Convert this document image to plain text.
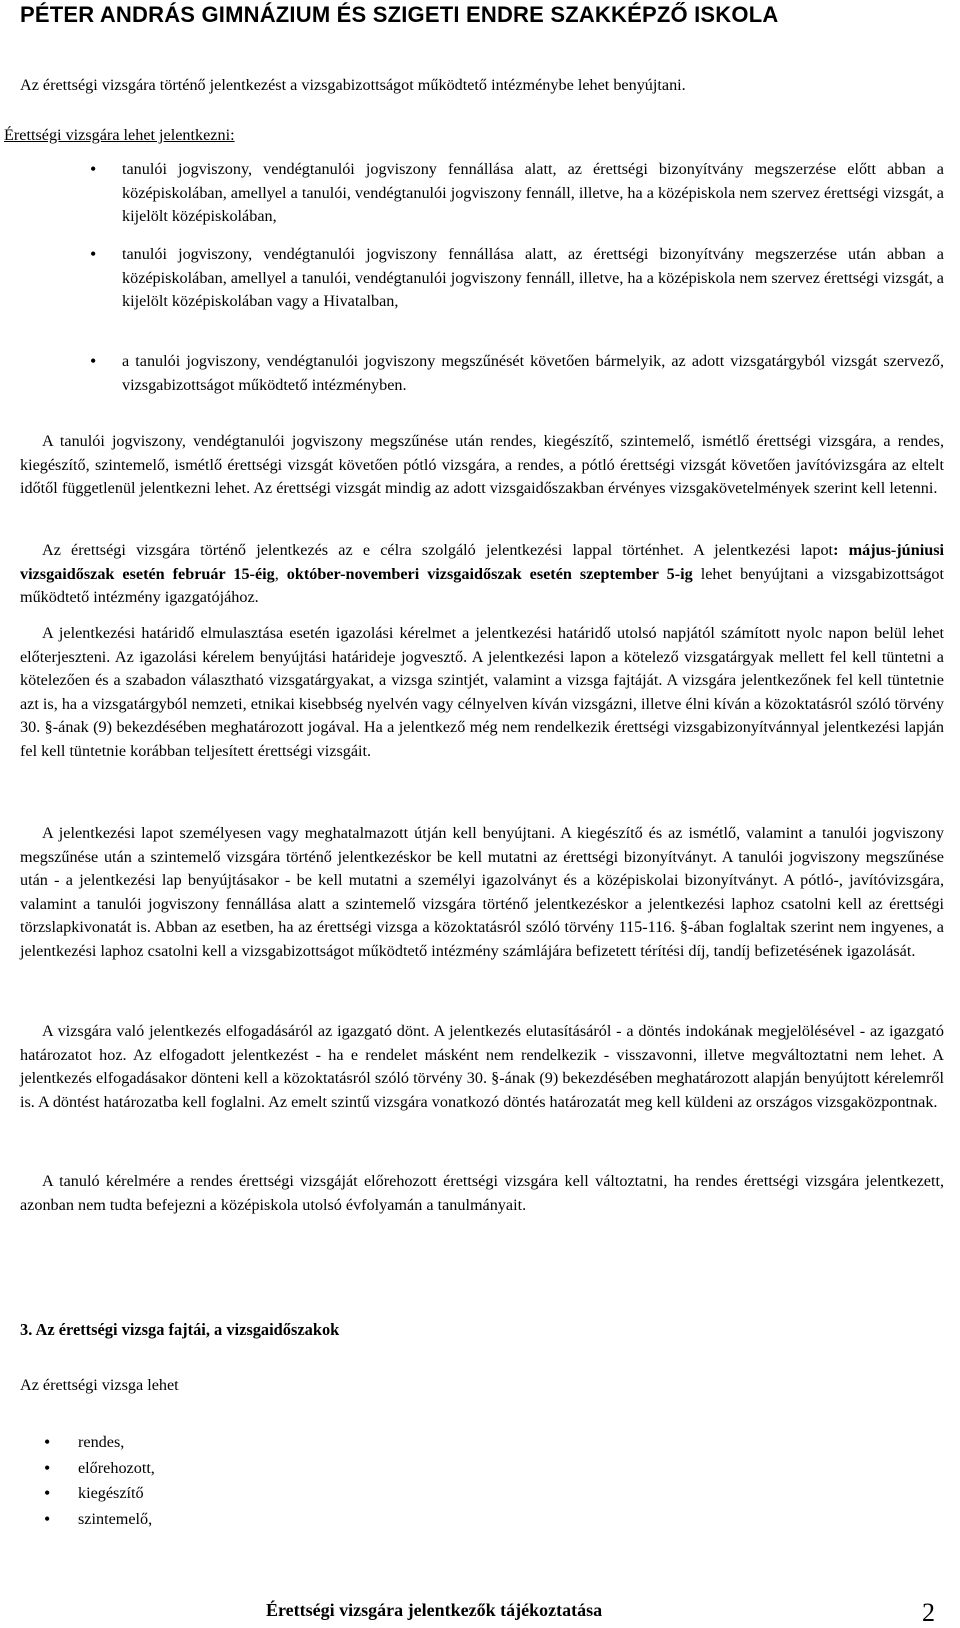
PÉTER ANDRÁS GIMNÁZIUM ÉS SZIGETI ENDRE SZAKKÉPZŐ ISKOLA
Az érettségi vizsgára történő jelentkezést a vizsgabizottságot működtető intézménybe lehet benyújtani.
Érettségi vizsgára lehet jelentkezni:
• tanulói jogviszony, vendégtanulói jogviszony fennállása alatt, az érettségi bizonyítvány megszerzése előtt abban a középiskolában, amellyel a tanulói, vendégtanulói jogviszony fennáll, illetve, ha a középiskola nem szervez érettségi vizsgát, a kijelölt középiskolában,
• tanulói jogviszony, vendégtanulói jogviszony fennállása alatt, az érettségi bizonyítvány megszerzése után abban a középiskolában, amellyel a tanulói, vendégtanulói jogviszony fennáll, illetve, ha a középiskola nem szervez érettségi vizsgát, a kijelölt középiskolában vagy a Hivatalban,
• a tanulói jogviszony, vendégtanulói jogviszony megszűnését követően bármelyik, az adott vizsgatárgyból vizsgát szervező, vizsgabizottságot működtető intézményben.
A tanulói jogviszony, vendégtanulói jogviszony megszűnése után rendes, kiegészítő, szintemelő, ismétlő érettségi vizsgára, a rendes, kiegészítő, szintemelő, ismétlő érettségi vizsgát követően pótló vizsgára, a rendes, a pótló érettségi vizsgát követően javítóvizsgára az eltelt időtől függetlenül jelentkezni lehet. Az érettségi vizsgát mindig az adott vizsgaidőszakban érvényes vizsgakövetelmények szerint kell letenni.
Az érettségi vizsgára történő jelentkezés az e célra szolgáló jelentkezési lappal történhet. A jelentkezési lapot: május-júniusi vizsgaidőszak esetén február 15-éig, október-novemberi vizsgaidőszak esetén szeptember 5-ig lehet benyújtani a vizsgabizottságot működtető intézmény igazgatójához.
A jelentkezési határidő elmulasztása esetén igazolási kérelmet a jelentkezési határidő utolsó napjától számított nyolc napon belül lehet előterjeszteni. Az igazolási kérelem benyújtási határideje jogvesztő. A jelentkezési lapon a kötelező vizsgatárgyak mellett fel kell tüntetni a kötelezően és a szabadon választható vizsgatárgyakat, a vizsga szintjét, valamint a vizsga fajtáját. A vizsgára jelentkezőnek fel kell tüntetnie azt is, ha a vizsgatárgyból nemzeti, etnikai kisebbség nyelvén vagy célnyelven kíván vizsgázni, illetve élni kíván a közoktatásról szóló törvény 30. §-ának (9) bekezdésében meghatározott jogával. Ha a jelentkező még nem rendelkezik érettségi vizsgabizonyítvánnyal jelentkezési lapján fel kell tüntetnie korábban teljesített érettségi vizsgáit.
A jelentkezési lapot személyesen vagy meghatalmazott útján kell benyújtani. A kiegészítő és az ismétlő, valamint a tanulói jogviszony megszűnése után a szintemelő vizsgára történő jelentkezéskor be kell mutatni az érettségi bizonyítványt. A tanulói jogviszony megszűnése után - a jelentkezési lap benyújtásakor - be kell mutatni a személyi igazolványt és a középiskolai bizonyítványt. A pótló-, javítóvizsgára, valamint a tanulói jogviszony fennállása alatt a szintemelő vizsgára történő jelentkezéskor a jelentkezési laphoz csatolni kell az érettségi törzslapkivonatát is. Abban az esetben, ha az érettségi vizsga a közoktatásról szóló törvény 115-116. §-ában foglaltak szerint nem ingyenes, a jelentkezési laphoz csatolni kell a vizsgabizottságot működtető intézmény számlájára befizetett térítési díj, tandíj befizetésének igazolását.
A vizsgára való jelentkezés elfogadásáról az igazgató dönt. A jelentkezés elutasításáról - a döntés indokának megjelölésével - az igazgató határozatot hoz. Az elfogadott jelentkezést - ha e rendelet másként nem rendelkezik - visszavonni, illetve megváltoztatni nem lehet. A jelentkezés elfogadásakor dönteni kell a közoktatásról szóló törvény 30. §-ának (9) bekezdésében meghatározott alapján benyújtott kérelemről is. A döntést határozatba kell foglalni. Az emelt szintű vizsgára vonatkozó döntés határozatát meg kell küldeni az országos vizsgaközpontnak.
A tanuló kérelmére a rendes érettségi vizsgáját előrehozott érettségi vizsgára kell változtatni, ha rendes érettségi vizsgára jelentkezett, azonban nem tudta befejezni a középiskola utolsó évfolyamán a tanulmányait.
3. Az érettségi vizsga fajtái, a vizsgaidőszakok
Az érettségi vizsga lehet
• rendes,
• előrehozott,
• kiegészítő
• szintemelő,
Érettségi vizsgára jelentkezők tájékoztatása	2
